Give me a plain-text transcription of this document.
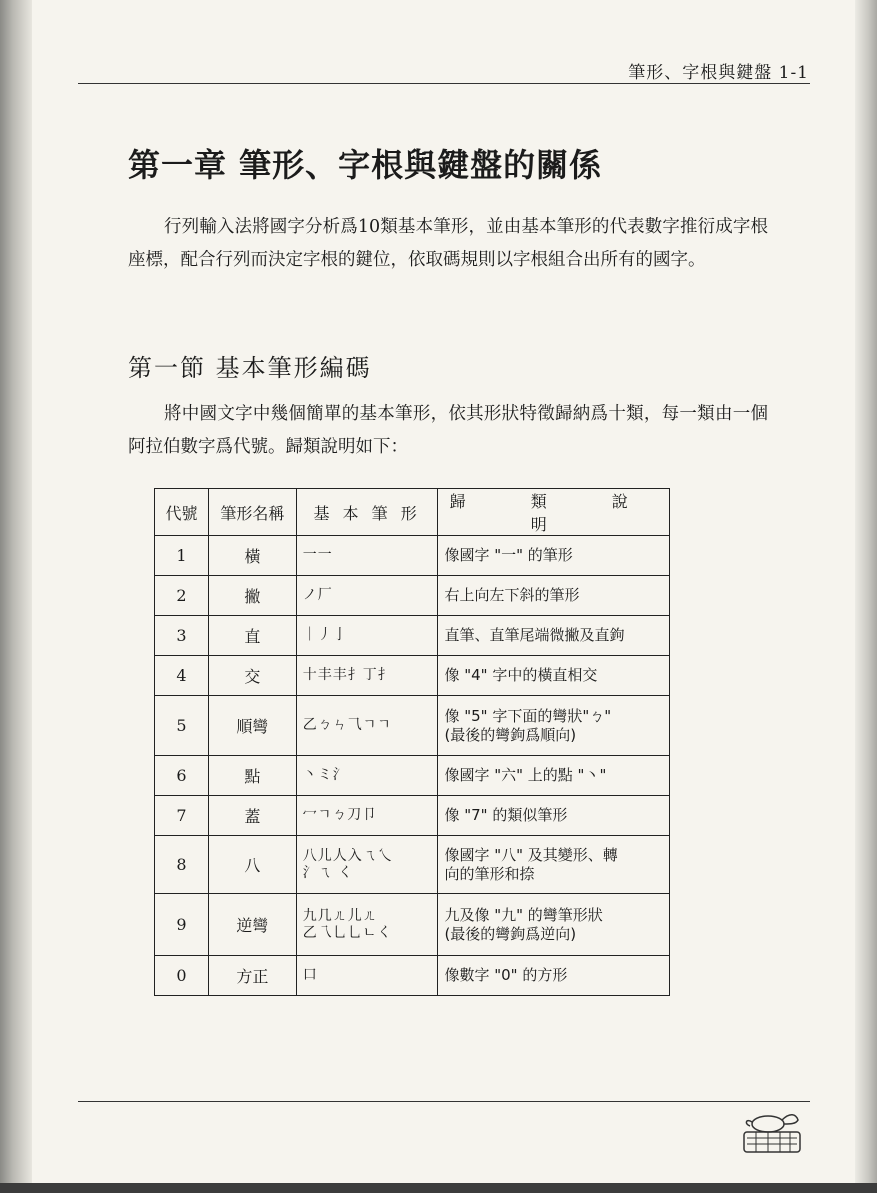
筆形、字根與鍵盤 1-1
第一章 筆形、字根與鍵盤的關係
行列輸入法將國字分析爲10類基本筆形，並由基本筆形的代表數字推衍成字根座標，配合行列而決定字根的鍵位，依取碼規則以字根組合出所有的國字。
第一節 基本筆形編碼
將中國文字中幾個簡單的基本筆形，依其形狀特徵歸納爲十類，每一類由一個阿拉伯數字爲代號。歸類說明如下：
代號	筆形名稱	基 本 筆 形	歸 類 說 明
1	橫	一一	像國字 "一" 的筆形
2	撇	ノ厂	右上向左下斜的筆形
3	直	｜丿亅	直筆、直筆尾端微撇及直鉤
4	交	十丰丰扌丁扌	像 "4" 字中的橫直相交
5	順彎	乙ㄅㄣ⺄ㄱㄱ	像 "5" 字下面的彎狀"ㄅ"
(最後的彎鉤爲順向)

6	點	丶ミ氵	像國字 "六" 上的點 "丶"
7	蓋	冖ㄱㄅ刀卩	像 "7" 的類似筆形
8	八	八儿人入ㄟ乀
氵ㄟ く	像國字 "八" 及其變形、轉
向的筆形和捺

9	逆彎	九几ㄦ儿ㄦ
乙乁乚乚ㄴく	九及像 "九" 的彎筆形狀
(最後的彎鉤爲逆向)

0	方正	口	像數字 "0" 的方形
